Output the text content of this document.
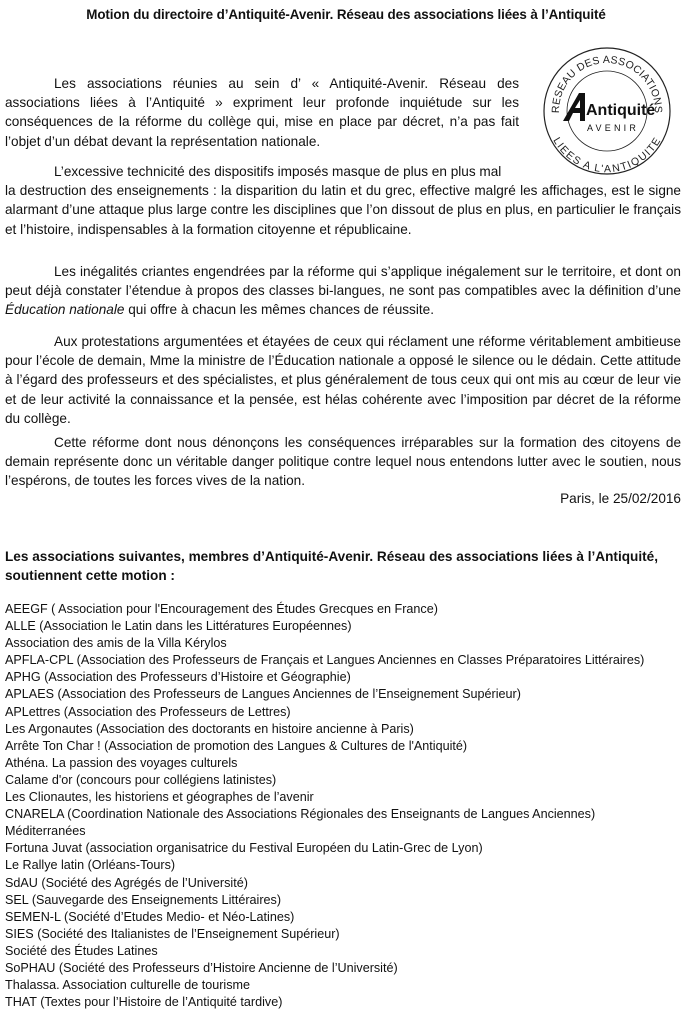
Motion du directoire d’Antiquité-Avenir. Réseau des associations liées à l’Antiquité
RESEAU DES ASSOCIATIONS
LIEES A L'ANTIQUITE
Antiquité
AVENIR

Les associations réunies au sein d’ « Antiquité-Avenir. Réseau des associations liées à l’Antiquité » expriment leur profonde inquiétude sur les conséquences de la réforme du collège qui, mise en place par décret, n’a pas fait l’objet d’un débat devant la représentation nationale.

L’excessive technicité des dispositifs imposés masque de plus en plus mal
la destruction des enseignements : la disparition du latin et du grec, effective malgré les affichages, est le signe alarmant d’une attaque plus large contre les disciplines que l’on dissout de plus en plus, en particulier le français et l’histoire, indispensables à la formation citoyenne et républicaine.

Les inégalités criantes engendrées par la réforme qui s’applique inégalement sur le territoire, et dont on peut déjà constater l’étendue à propos des classes bi-langues, ne sont pas compatibles avec la définition d’une Éducation nationale qui offre à chacun les mêmes chances de réussite.

Aux protestations argumentées et étayées de ceux qui réclament une réforme véritablement ambitieuse pour l’école de demain, Mme la ministre de l’Éducation nationale a opposé le silence ou le dédain. Cette attitude à l’égard des professeurs et des spécialistes, et plus généralement de tous ceux qui ont mis au cœur de leur vie et de leur activité la connaissance et la pensée, est hélas cohérente avec l’imposition par décret de la réforme du collège.

Cette réforme dont nous dénonçons les conséquences irréparables sur la formation des citoyens de demain représente donc un véritable danger politique contre lequel nous entendons lutter avec le soutien, nous l’espérons, de toutes les forces vives de la nation.

Paris, le 25/02/2016

Les associations suivantes, membres d’Antiquité-Avenir. Réseau des associations liées à l’Antiquité, soutiennent cette motion :

AEEGF ( Association pour l'Encouragement des Études Grecques en France)
ALLE (Association le Latin dans les Littératures Européennes)
Association des amis de la Villa Kérylos
APFLA-CPL (Association des Professeurs de Français et Langues Anciennes en Classes Préparatoires Littéraires)
APHG (Association des Professeurs d’Histoire et Géographie)
APLAES (Association des Professeurs de Langues Anciennes de l’Enseignement Supérieur)
APLettres (Association des Professeurs de Lettres)
Les Argonautes (Association des doctorants en histoire ancienne à Paris)
Arrête Ton Char ! (Association de promotion des Langues & Cultures de l'Antiquité)
Athéna. La passion des voyages culturels
Calame d'or (concours pour collégiens latinistes)
Les Clionautes, les historiens et géographes de l’avenir
CNARELA (Coordination Nationale des Associations Régionales des Enseignants de Langues Anciennes)
Méditerranées
Fortuna Juvat (association organisatrice du Festival Européen du Latin-Grec de Lyon)
Le Rallye latin (Orléans-Tours)
SdAU (Société des Agrégés de l’Université)
SEL (Sauvegarde des Enseignements Littéraires)
SEMEN-L (Société d’Etudes Medio- et Néo-Latines)
SIES (Société des Italianistes de l’Enseignement Supérieur)
Société des Études Latines
SoPHAU (Société des Professeurs d’Histoire Ancienne de l’Université)
Thalassa. Association culturelle de tourisme
THAT (Textes pour l’Histoire de l’Antiquité tardive)
